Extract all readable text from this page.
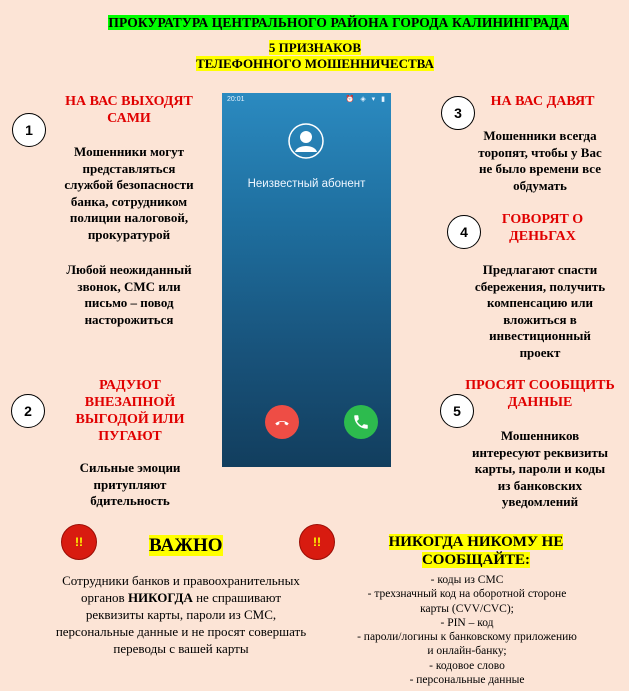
ПРОКУРАТУРА ЦЕНТРАЛЬНОГО РАЙОНА ГОРОДА КАЛИНИНГРАДА
5 ПРИЗНАКОВ
ТЕЛЕФОННОГО МОШЕННИЧЕСТВА
1
НА ВАС ВЫХОДЯТ
САМИ
Мошенники могут
представляться
службой безопасности
банка, сотрудником
полиции налоговой,
прокуратурой
Любой неожиданный
звонок, СМС или
письмо – повод
насторожиться
2
РАДУЮТ
ВНЕЗАПНОЙ
ВЫГОДОЙ ИЛИ
ПУГАЮТ
Сильные эмоции
притупляют
бдительность
3
НА ВАС ДАВЯТ
Мошенники всегда
торопят, чтобы у Вас
не было времени все
обдумать
4
ГОВОРЯТ О
ДЕНЬГАХ
Предлагают спасти
сбережения, получить
компенсацию или
вложиться в
инвестиционный
проект
5
ПРОСЯТ СООБЩИТЬ
ДАННЫЕ
Мошенников
интересуют реквизиты
карты, пароли и коды
из банковских
уведомлений
20:01	⏰ ◈ ▾ ▮
Неизвестный абонент
!!	!!
ВАЖНО
Сотрудники банков и правоохранительных
органов НИКОГДА не спрашивают
реквизиты карты, пароли из СМС,
персональные данные и не просят совершать
переводы с вашей карты
НИКОГДА НИКОМУ НЕ
СООБЩАЙТЕ:
- коды из СМС
- трехзначный код на оборотной стороне
карты (CVV/CVC);
- PIN – код
- пароли/логины к банковскому приложению
и онлайн-банку;
- кодовое слово
- персональные данные
